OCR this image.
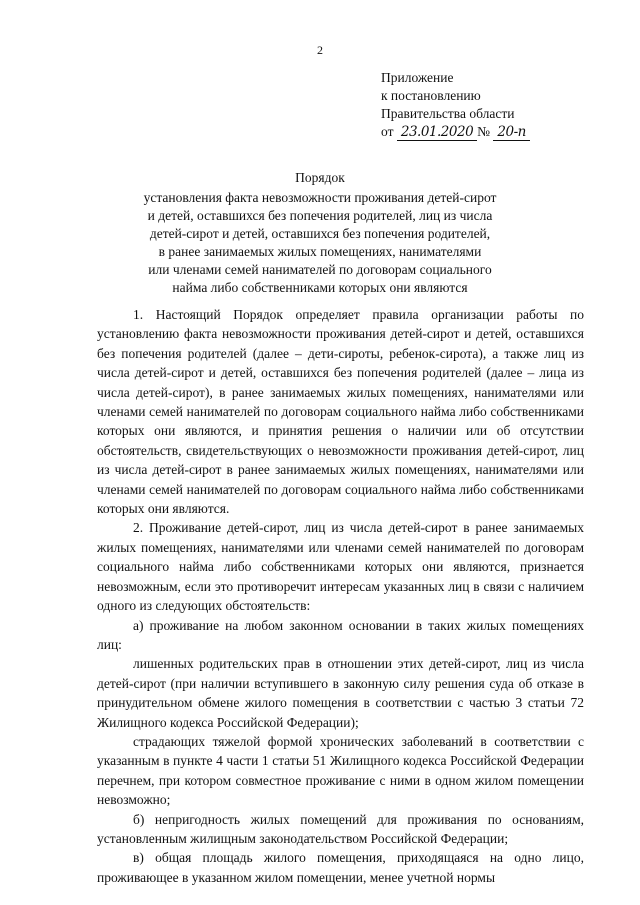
2
Приложение
к постановлению
Правительства области
от 23.01.2020 № 20-п
Порядок
установления факта невозможности проживания детей-сирот
и детей, оставшихся без попечения родителей, лиц из числа
детей-сирот и детей, оставшихся без попечения родителей,
в ранее занимаемых жилых помещениях, нанимателями
или членами семей нанимателей по договорам социального
найма либо собственниками которых они являются

1. Настоящий Порядок определяет правила организации работы по установлению факта невозможности проживания детей-сирот и детей, оставшихся без попечения родителей (далее – дети-сироты, ребенок-сирота), а также лиц из числа детей-сирот и детей, оставшихся без попечения родителей (далее – лица из числа детей-сирот), в ранее занимаемых жилых помещениях, нанимателями или членами семей нанимателей по договорам социального найма либо собственниками которых они являются, и принятия решения о наличии или об отсутствии обстоятельств, свидетельствующих о невозможности проживания детей-сирот, лиц из числа детей-сирот в ранее занимаемых жилых помещениях, нанимателями или членами семей нанимателей по договорам социального найма либо собственниками которых они являются.

2. Проживание детей-сирот, лиц из числа детей-сирот в ранее занимаемых жилых помещениях, нанимателями или членами семей нанимателей по договорам социального найма либо собственниками которых они являются, признается невозможным, если это противоречит интересам указанных лиц в связи с наличием одного из следующих обстоятельств:

а) проживание на любом законном основании в таких жилых помещениях лиц:

лишенных родительских прав в отношении этих детей-сирот, лиц из числа детей-сирот (при наличии вступившего в законную силу решения суда об отказе в принудительном обмене жилого помещения в соответствии с частью 3 статьи 72 Жилищного кодекса Российской Федерации);

страдающих тяжелой формой хронических заболеваний в соответствии с указанным в пункте 4 части 1 статьи 51 Жилищного кодекса Российской Федерации перечнем, при котором совместное проживание с ними в одном жилом помещении невозможно;

б) непригодность жилых помещений для проживания по основаниям, установленным жилищным законодательством Российской Федерации;

в) общая площадь жилого помещения, приходящаяся на одно лицо, проживающее в указанном жилом помещении, менее учетной нормы
